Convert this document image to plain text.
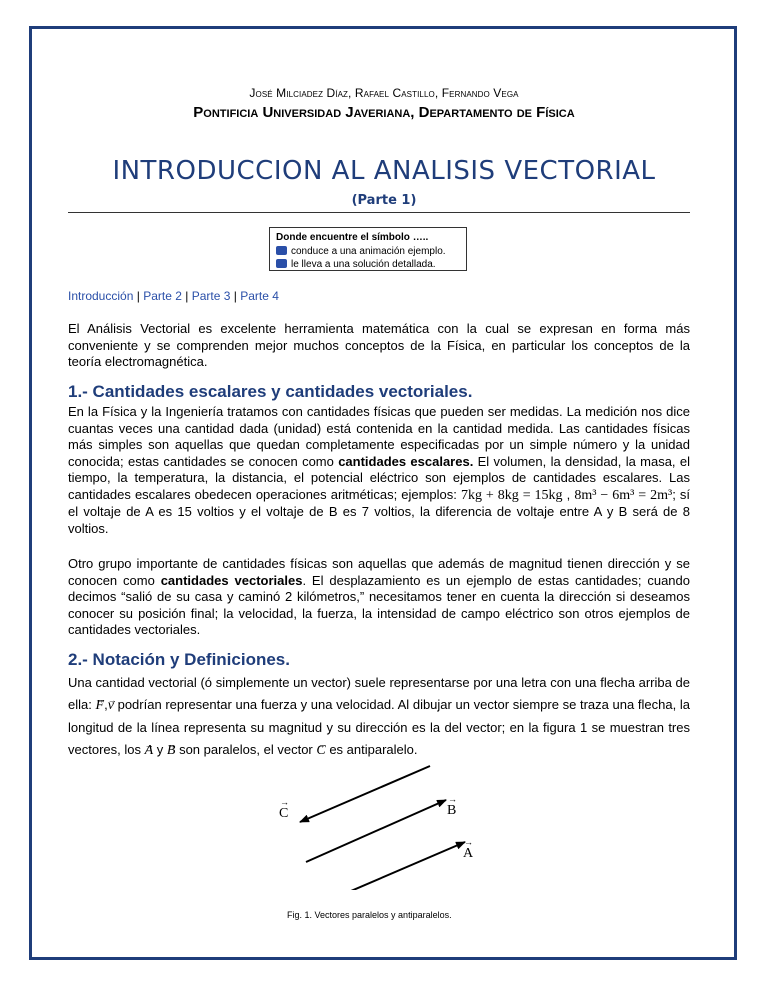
José Milciadez Díaz, Rafael Castillo, Fernando Vega
Pontificia Universidad Javeriana, Departamento de Física
INTRODUCCION AL ANALISIS VECTORIAL
(Parte 1)
Donde encuentre el símbolo …..
conduce a una animación ejemplo.
le lleva a una solución detallada.
Introducción | Parte 2 | Parte 3 | Parte 4
El Análisis Vectorial es excelente herramienta matemática con la cual se expresan en forma más conveniente y se comprenden mejor muchos conceptos de la Física, en particular los conceptos de la teoría electromagnética.
1.- Cantidades escalares y cantidades vectoriales.
En la Física y la Ingeniería tratamos con cantidades físicas que pueden ser medidas. La medición nos dice cuantas veces una cantidad dada (unidad) está contenida en la cantidad medida. Las cantidades físicas más simples son aquellas que quedan completamente especificadas por un simple número y la unidad conocida; estas cantidades se conocen como cantidades escalares. El volumen, la densidad, la masa, el tiempo, la temperatura, la distancia, el potencial eléctrico son ejemplos de cantidades escalares. Las cantidades escalares obedecen operaciones aritméticas; ejemplos: 7kg + 8kg = 15kg , 8m³ − 6m³ = 2m³; sí el voltaje de A es 15 voltios y el voltaje de B es 7 voltios, la diferencia de voltaje entre A y B será de 8 voltios.
Otro grupo importante de cantidades físicas son aquellas que además de magnitud tienen dirección y se conocen como cantidades vectoriales. El desplazamiento es un ejemplo de estas cantidades; cuando decimos “salió de su casa y caminó 2 kilómetros,” necesitamos tener en cuenta la dirección si deseamos conocer su posición final; la velocidad, la fuerza, la intensidad de campo eléctrico son otros ejemplos de cantidades vectoriales.
2.- Notación y Definiciones.
Una cantidad vectorial (ó simplemente un vector) suele representarse por una letra con una flecha arriba de ella: → F,→ v podrían representar una fuerza y una velocidad. Al dibujar un vector siempre se traza una flecha, la longitud de la línea representa su magnitud y su dirección es la del vector; en la figura 1 se muestran tres vectores, los → A y → B son paralelos, el vector → C es antiparalelo.
→ C
→	B
→ A
Fig. 1. Vectores paralelos y antiparalelos.
